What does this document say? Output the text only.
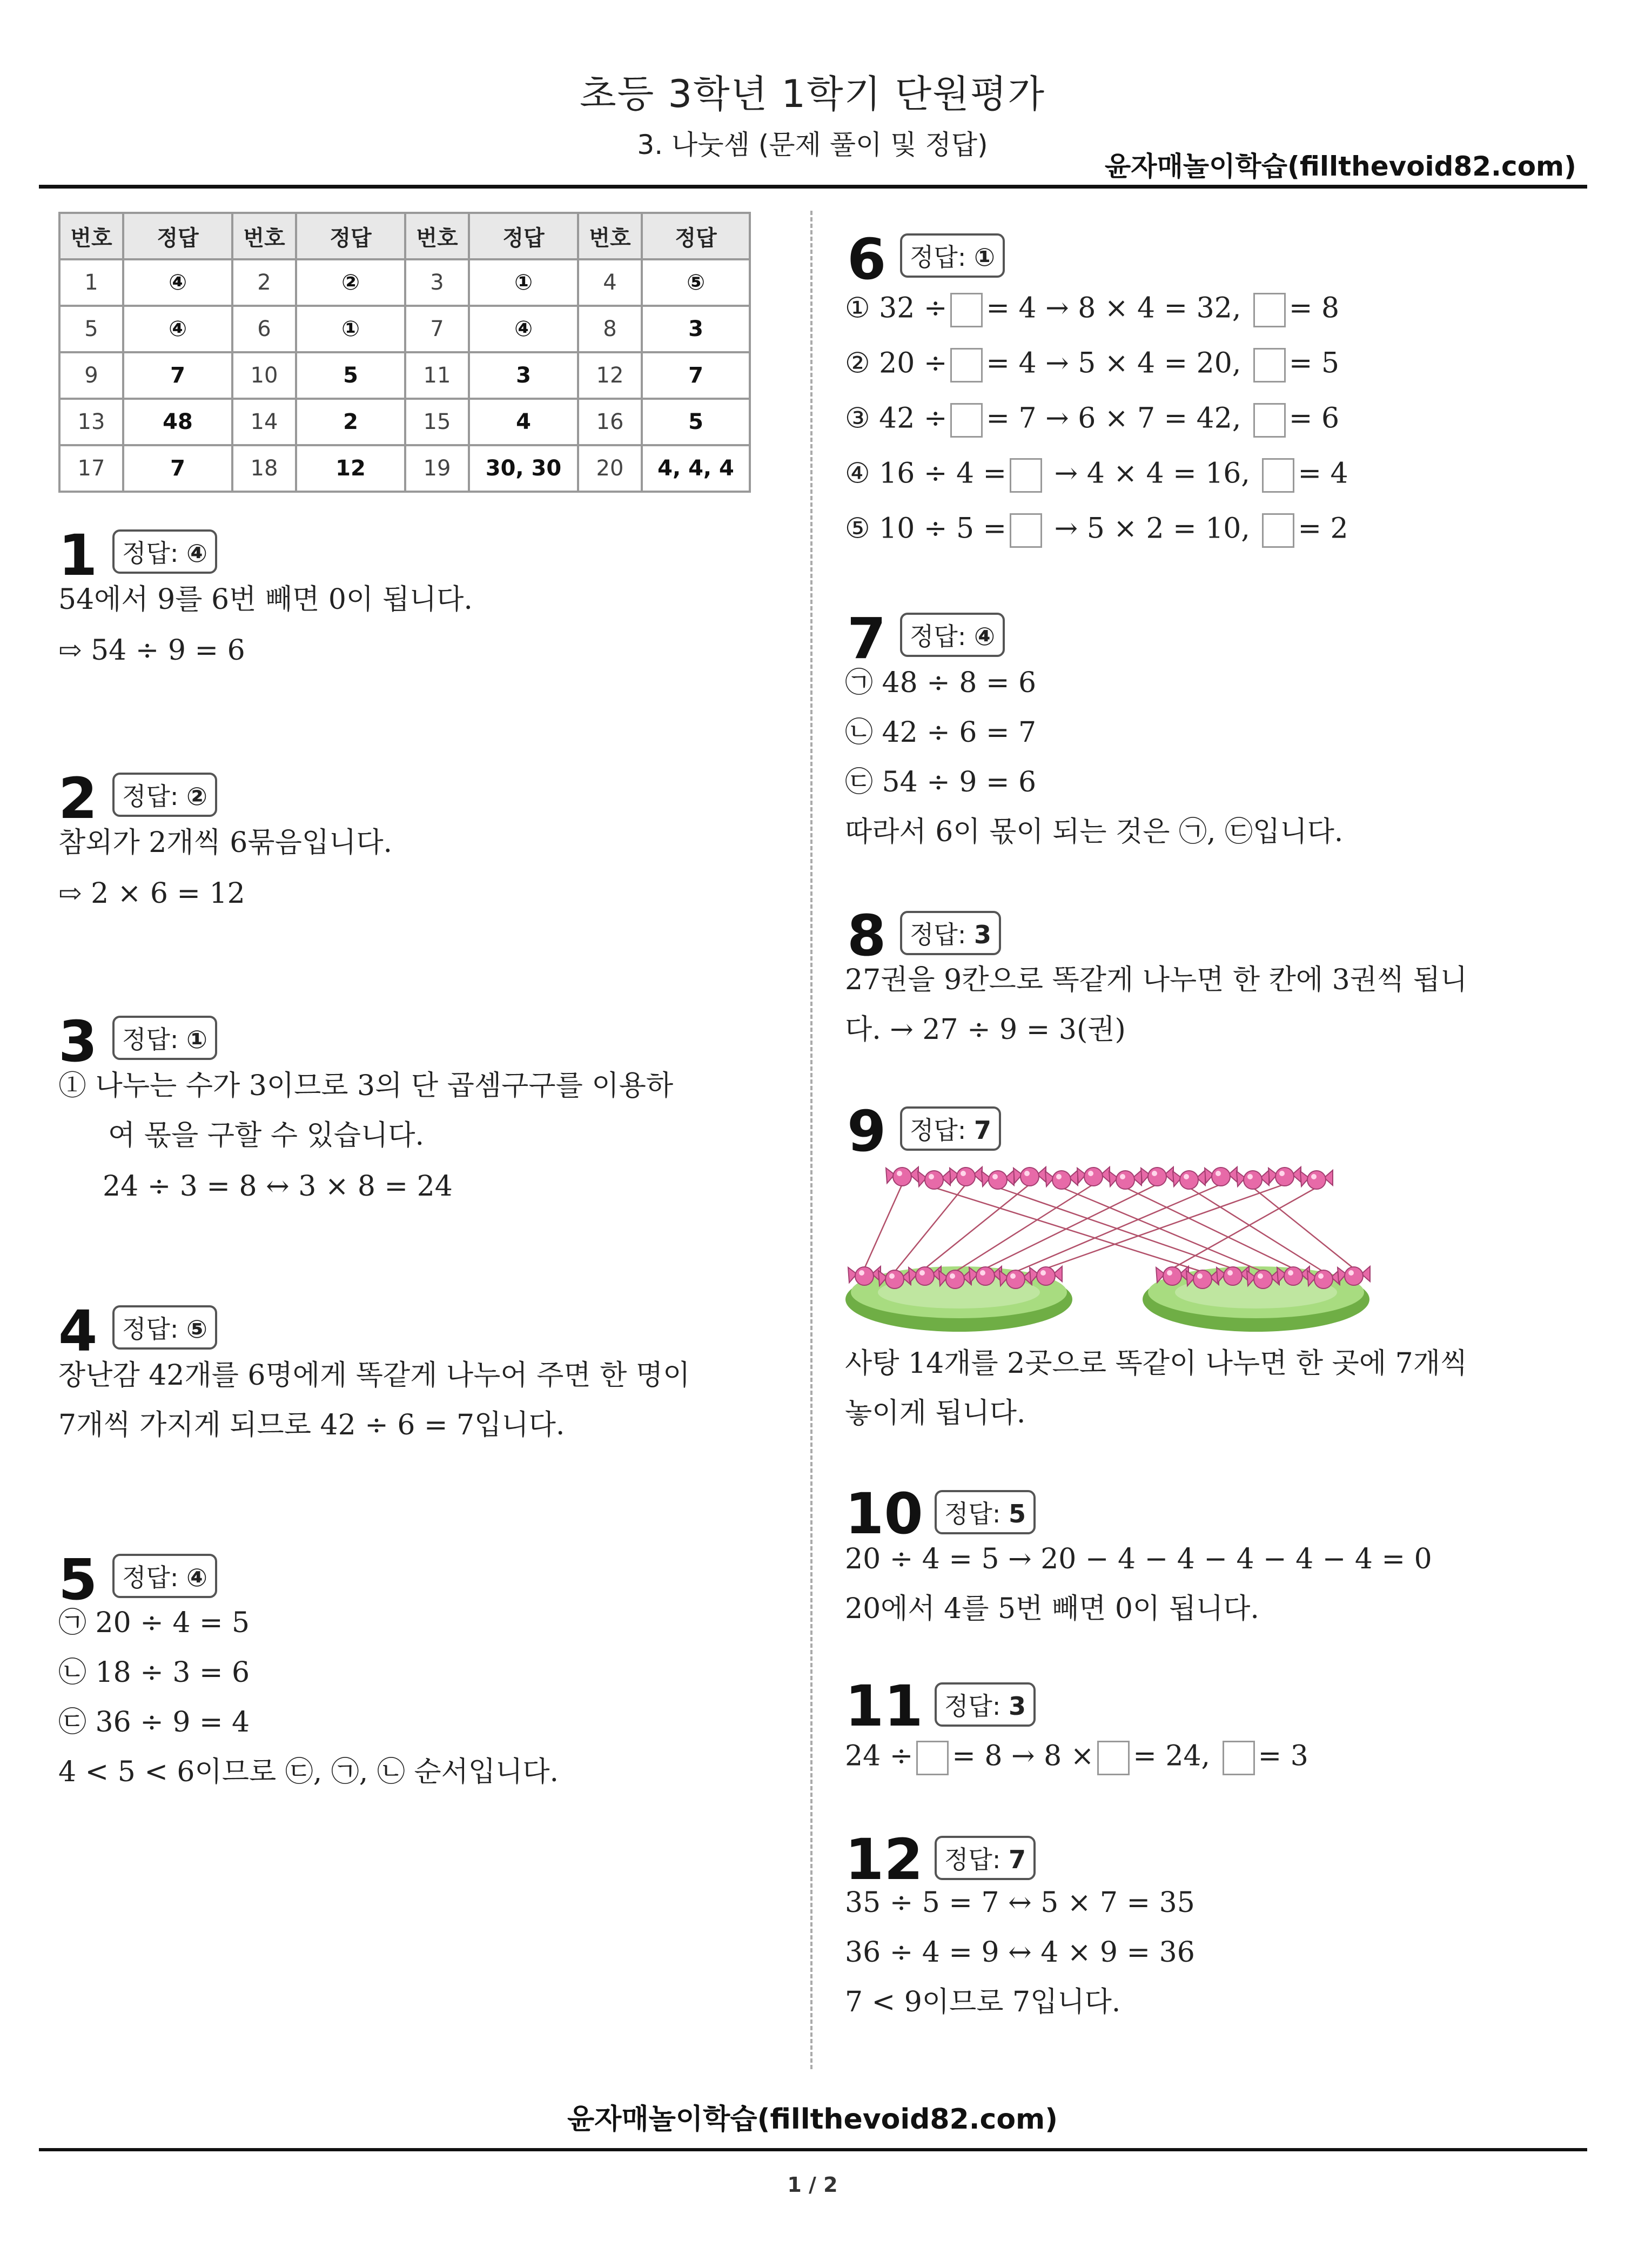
초등 3학년 1학기 단원평가
3. 나눗셈 (문제 풀이 및 정답)
윤자매놀이학습(fillthevoid82.com)
번호	정답	번호	정답	번호	정답	번호	정답
1	④	2	②	3	①	4	⑤
5	④	6	①	7	④	8	3
9	7	10	5	11	3	12	7
13	48	14	2	15	4	16	5
17	7	18	12	19	30, 30	20	4, 4, 4
1 정답: ④
54에서 9를 6번 빼면 0이 됩니다.
⇨ 54 ÷ 9 = 6
2 정답: ②
참외가 2개씩 6묶음입니다.
⇨ 2 × 6 = 12
3 정답: ①
① 나누는 수가 3이므로 3의 단 곱셈구구를 이용하
여 몫을 구할 수 있습니다.
24 ÷ 3 = 8 ↔ 3 × 8 = 24
4 정답: ⑤
장난감 42개를 6명에게 똑같게 나누어 주면 한 명이
7개씩 가지게 되므로 42 ÷ 6 = 7입니다.
5 정답: ④
㉠ 20 ÷ 4 = 5
㉡ 18 ÷ 3 = 6
㉢ 36 ÷ 9 = 4
4 < 5 < 6이므로 ㉢, ㉠, ㉡ 순서입니다.
6 정답: ①
① 32 ÷ = 4 → 8 × 4 = 32, = 8
② 20 ÷ = 4 → 5 × 4 = 20, = 5
③ 42 ÷ = 7 → 6 × 7 = 42, = 6
④ 16 ÷ 4 = → 4 × 4 = 16, = 4
⑤ 10 ÷ 5 = → 5 × 2 = 10, = 2
7 정답: ④
㉠ 48 ÷ 8 = 6
㉡ 42 ÷ 6 = 7
㉢ 54 ÷ 9 = 6
따라서 6이 몫이 되는 것은 ㉠, ㉢입니다.
8 정답: 3
27권을 9칸으로 똑같게 나누면 한 칸에 3권씩 됩니
다. → 27 ÷ 9 = 3(권)
9 정답: 7
사탕 14개를 2곳으로 똑같이 나누면 한 곳에 7개씩
놓이게 됩니다.
10 정답: 5
20 ÷ 4 = 5 → 20 − 4 − 4 − 4 − 4 − 4 = 0
20에서 4를 5번 빼면 0이 됩니다.
11 정답: 3
24 ÷ = 8 → 8 × = 24, = 3
12 정답: 7
35 ÷ 5 = 7 ↔ 5 × 7 = 35
36 ÷ 4 = 9 ↔ 4 × 9 = 36
7 < 9이므로 7입니다.
윤자매놀이학습(fillthevoid82.com)
1 / 2
